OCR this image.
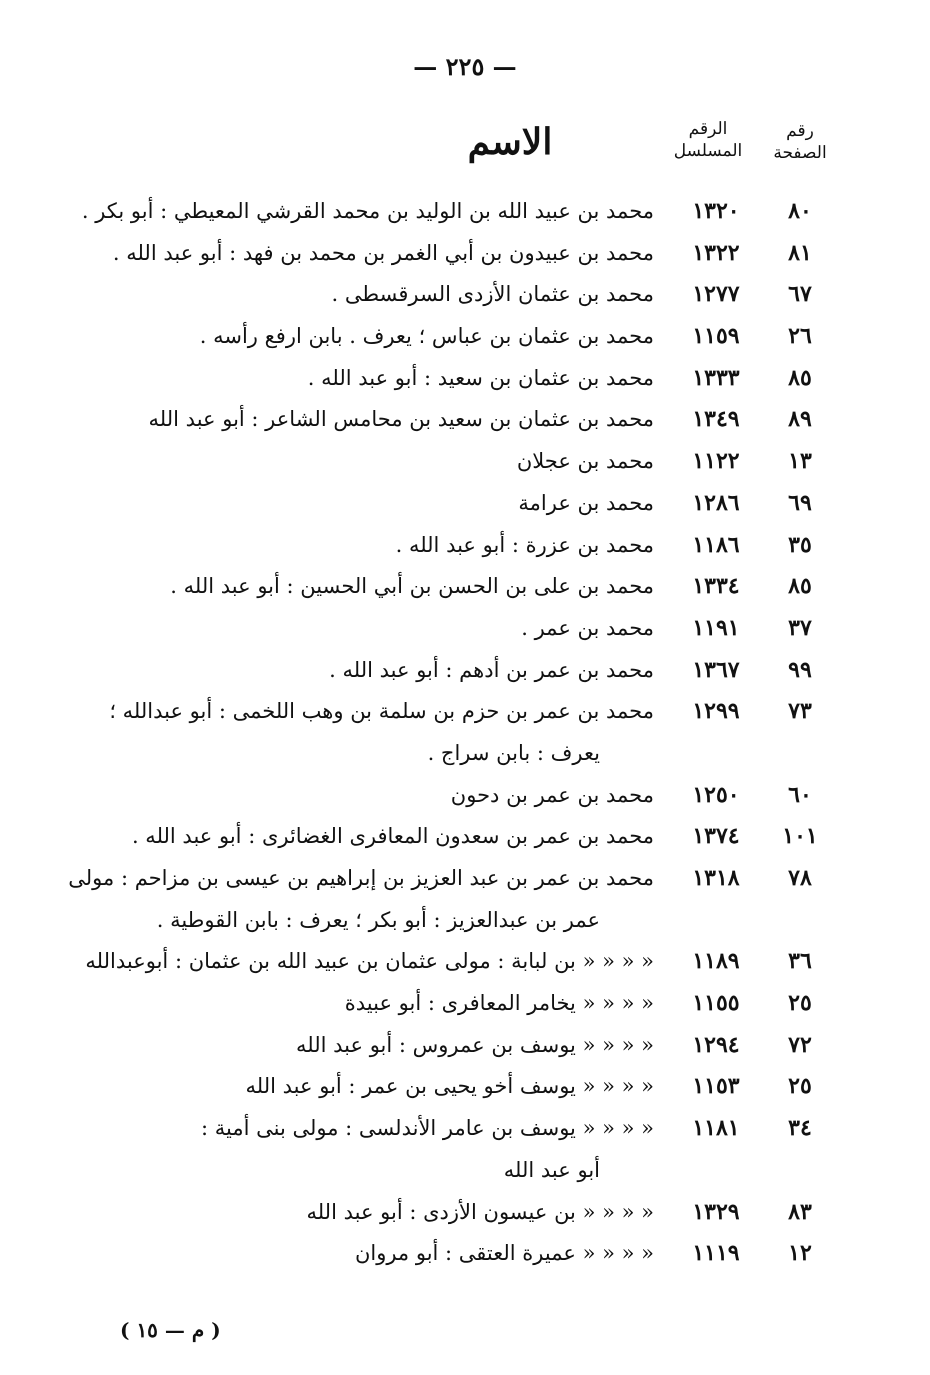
— ٢٢٥ —
رقم
الصفحة
الرقم
المسلسل
الاسم
٨٠
١٣٢٠
محمد بن عبيد الله بن الوليد بن محمد القرشي المعيطي : أبو بكر .
٨١
١٣٢٢
محمد بن عبيدون بن أبي الغمر بن محمد بن فهد : أبو عبد الله .
٦٧
١٢٧٧
محمد بن عثمان الأزدى السرقسطى .
٢٦
١١٥٩
محمد بن عثمان بن عباس ؛ يعرف . بابن ارفع رأسه .
٨٥
١٣٣٣
محمد بن عثمان بن سعيد : أبو عبد الله .
٨٩
١٣٤٩
محمد بن عثمان بن سعيد بن محامس الشاعر : أبو عبد الله
١٣
١١٢٢
محمد بن عجلان
٦٩
١٢٨٦
محمد بن عرامة
٣٥
١١٨٦
محمد بن عزرة : أبو عبد الله .
٨٥
١٣٣٤
محمد بن على بن الحسن بن أبي الحسين : أبو عبد الله .
٣٧
١١٩١
محمد بن عمر .
٩٩
١٣٦٧
محمد بن عمر بن أدهم : أبو عبد الله .
٧٣
١٢٩٩
محمد بن عمر بن حزم بن سلمة بن وهب اللخمى : أبو عبدالله ؛
يعرف : بابن سراج .
٦٠
١٢٥٠
محمد بن عمر بن دحون
١٠١
١٣٧٤
محمد بن عمر بن سعدون المعافرى الغضائرى : أبو عبد الله .
٧٨
١٣١٨
محمد بن عمر بن عبد العزيز بن إبراهيم بن عيسى بن مزاحم : مولى
عمر بن عبدالعزيز : أبو بكر ؛ يعرف : بابن القوطية .
٣٦
١١٨٩
« « « « بن لبابة : مولى عثمان بن عبيد الله بن عثمان : أبوعبدالله
٢٥
١١٥٥
« « « « يخامر المعافرى : أبو عبيدة
٧٢
١٢٩٤
« « « « يوسف بن عمروس : أبو عبد الله
٢٥
١١٥٣
« « « « يوسف أخو يحيى بن عمر : أبو عبد الله
٣٤
١١٨١
« « « « يوسف بن عامر الأندلسى : مولى بنى أمية :
أبو عبد الله
٨٣
١٣٢٩
« « « « بن عيسون الأزدى : أبو عبد الله
١٢
١١١٩
« « « « عميرة العتقى : أبو مروان
( م — ١٥ )
